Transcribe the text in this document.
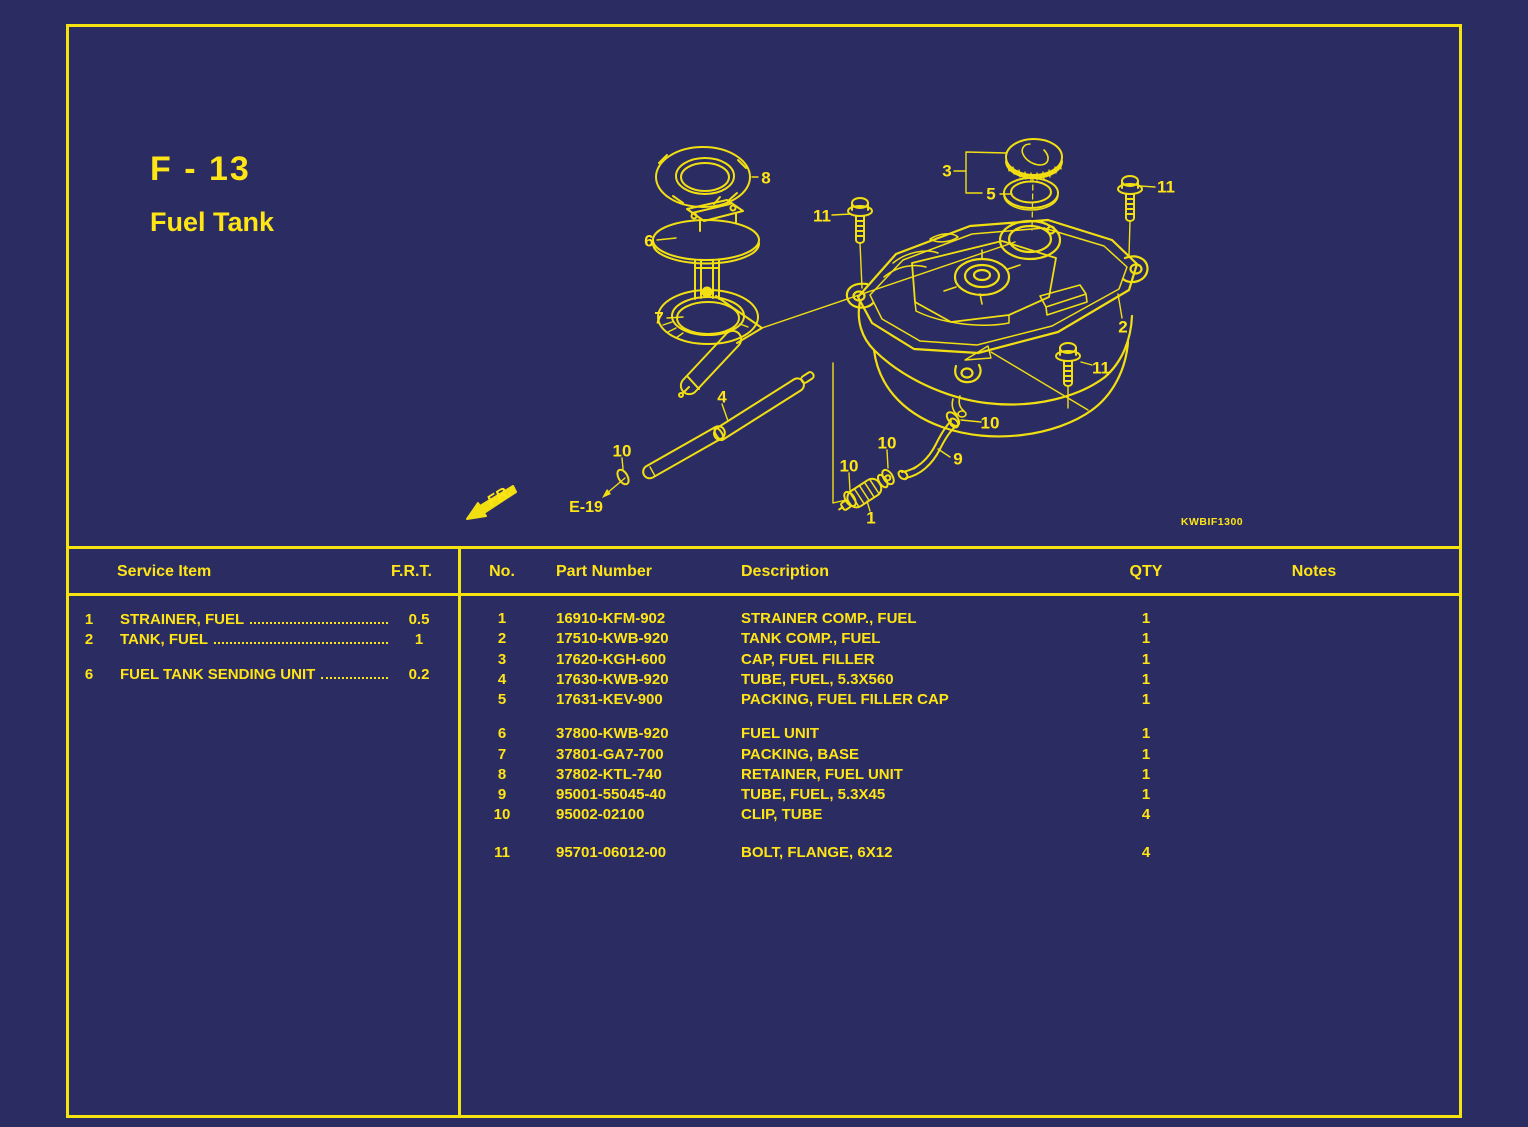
F - 13
Fuel Tank
8
6
7
11
3
5	11
2
11
4
10
10
10
10
9
1
E-19
FR.
KWBIF1300
Service Item	F.R.T.	No.	Part Number	Description	QTY	Notes
1	STRAINER, FUEL	0.5
2	TANK, FUEL	1
6	FUEL TANK SENDING UNIT	0.2
1	16910-KFM-902	STRAINER COMP., FUEL	1
2	17510-KWB-920	TANK COMP., FUEL	1
3	17620-KGH-600	CAP, FUEL FILLER	1
4	17630-KWB-920	TUBE, FUEL, 5.3X560	1
5	17631-KEV-900	PACKING, FUEL FILLER CAP	1
6	37800-KWB-920	FUEL UNIT	1
7	37801-GA7-700	PACKING, BASE	1
8	37802-KTL-740	RETAINER, FUEL UNIT	1
9	95001-55045-40	TUBE, FUEL, 5.3X45	1
10	95002-02100	CLIP, TUBE	4
11	95701-06012-00	BOLT, FLANGE, 6X12	4
